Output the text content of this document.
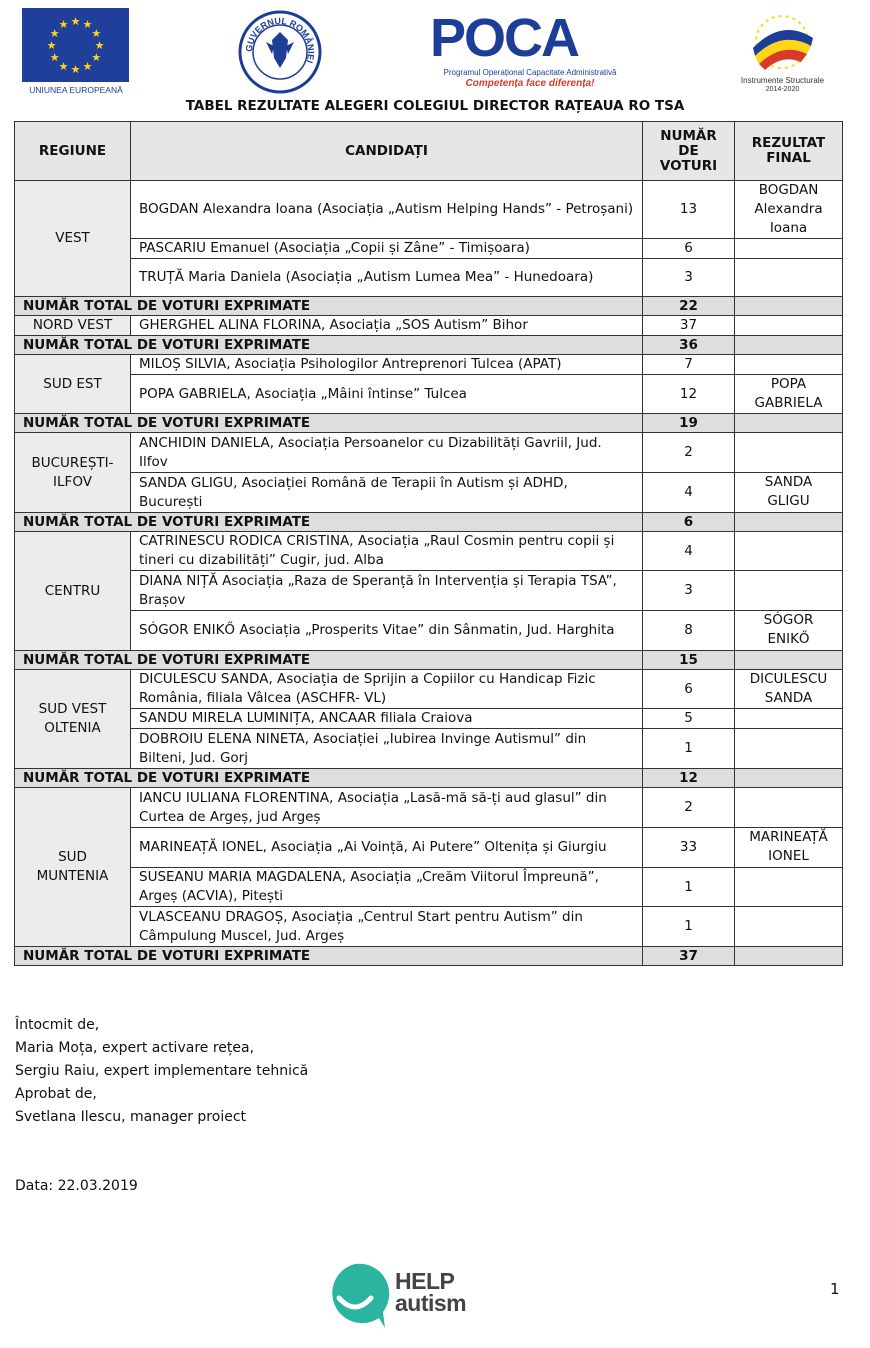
★
★
★
★
★
★
★
★
★ ★ ★
★
UNIUNEA EUROPEANĂ
GUVERNUL ROMÂNIEI POCA
Programul Operațional Capacitate Administrativă
Competența face diferența!	Instrumente Structurale
2014-2020
TABEL REZULTATE ALEGERI COLEGIUL DIRECTOR RAȚEAUA RO TSA
REGIUNE	CANDIDAȚI	NUMĂR DE VOTURI	REZULTAT FINAL
VEST	BOGDAN Alexandra Ioana (Asociația „Autism Helping Hands” - Petroșani)	13	BOGDAN Alexandra Ioana
	PASCARIU Emanuel (Asociația „Copii și Zâne” - Timișoara)	6	
	TRUȚĂ Maria Daniela (Asociația „Autism Lumea Mea” - Hunedoara)	3	
NUMĂR TOTAL DE VOTURI EXPRIMATE		22	
NORD VEST	GHERGHEL ALINA FLORINA, Asociația „SOS Autism” Bihor	37	
NUMĂR TOTAL DE VOTURI EXPRIMATE		36	
SUD EST	MILOȘ SILVIA, Asociația Psihologilor Antreprenori Tulcea (APAT)	7	
	POPA GABRIELA, Asociația „Mâini întinse” Tulcea	12	POPA GABRIELA
NUMĂR TOTAL DE VOTURI EXPRIMATE		19	
BUCUREȘTI-ILFOV	ANCHIDIN DANIELA, Asociația Persoanelor cu Dizabilități Gavriil, Jud. Ilfov	2	
	SANDA GLIGU, Asociației Română de Terapii în Autism și ADHD, București	4	SANDA GLIGU
NUMĂR TOTAL DE VOTURI EXPRIMATE		6	
CENTRU	CATRINESCU RODICA CRISTINA, Asociația „Raul Cosmin pentru copii și tineri cu dizabilități” Cugir, jud. Alba	4	
	DIANA NIȚĂ Asociația „Raza de Speranță în Intervenția și Terapia TSA”, Brașov	3	
	SÓGOR ENIKŐ Asociația „Prosperits Vitae” din Sânmatin, Jud. Harghita	8	SÓGOR ENIKŐ
NUMĂR TOTAL DE VOTURI EXPRIMATE		15	
SUD VEST OLTENIA	DICULESCU SANDA, Asociația de Sprijin a Copiilor cu Handicap Fizic România, filiala Vâlcea (ASCHFR- VL)	6	DICULESCU SANDA
	SANDU MIRELA LUMINIȚA, ANCAAR filiala Craiova	5	
	DOBROIU ELENA NINETA, Asociației „Iubirea Invinge Autismul” din Bilteni, Jud. Gorj	1	
NUMĂR TOTAL DE VOTURI EXPRIMATE		12	
SUD MUNTENIA	IANCU IULIANA FLORENTINA, Asociația „Lasă-mă să-ți aud glasul” din Curtea de Argeș, jud Argeș	2	
	MARINEAȚĂ IONEL, Asociația „Ai Voință, Ai Putere” Oltenița și Giurgiu	33	MARINEAȚĂ IONEL
	SUSEANU MARIA MAGDALENA, Asociația „Creăm Viitorul Împreună”, Argeș (ACVIA), Pitești	1	
	VLASCEANU DRAGOȘ, Asociația „Centrul Start pentru Autism” din Câmpulung Muscel, Jud. Argeș	1	
NUMĂR TOTAL DE VOTURI EXPRIMATE		37	
Întocmit de,
Maria Moța, expert activare rețea,
Sergiu Raiu, expert implementare tehnică
Aprobat de,
Svetlana Ilescu, manager proiect
Data: 22.03.2019
HELP
autism
1
